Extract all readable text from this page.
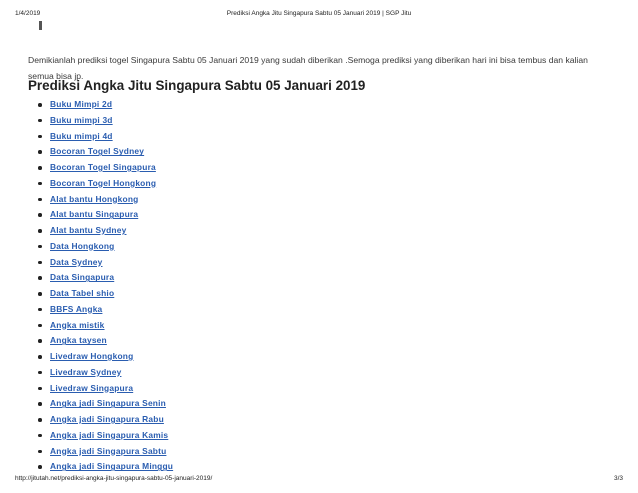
1/4/2019	Prediksi Angka Jitu Singapura Sabtu 05 Januari 2019 | SGP Jitu

Demikianlah prediksi togel Singapura Sabtu 05 Januari 2019 yang sudah diberikan .Semoga prediksi yang diberikan hari ini bisa tembus dan kalian semua bisa jp.

Prediksi Angka Jitu Singapura Sabtu 05 Januari 2019
Buku Mimpi 2d
Buku mimpi 3d
Buku mimpi 4d
Bocoran Togel Sydney
Bocoran Togel Singapura
Bocoran Togel Hongkong
Alat bantu Hongkong
Alat bantu Singapura
Alat bantu Sydney
Data Hongkong
Data Sydney
Data Singapura
Data Tabel shio
BBFS Angka
Angka mistik
Angka taysen
Livedraw Hongkong
Livedraw Sydney
Livedraw Singapura
Angka jadi Singapura Senin
Angka jadi Singapura Rabu
Angka jadi Singapura Kamis
Angka jadi Singapura Sabtu
Angka jadi Singapura Minggu
http://jitutah.net/prediksi-angka-jitu-singapura-sabtu-05-januari-2019/	3/3
